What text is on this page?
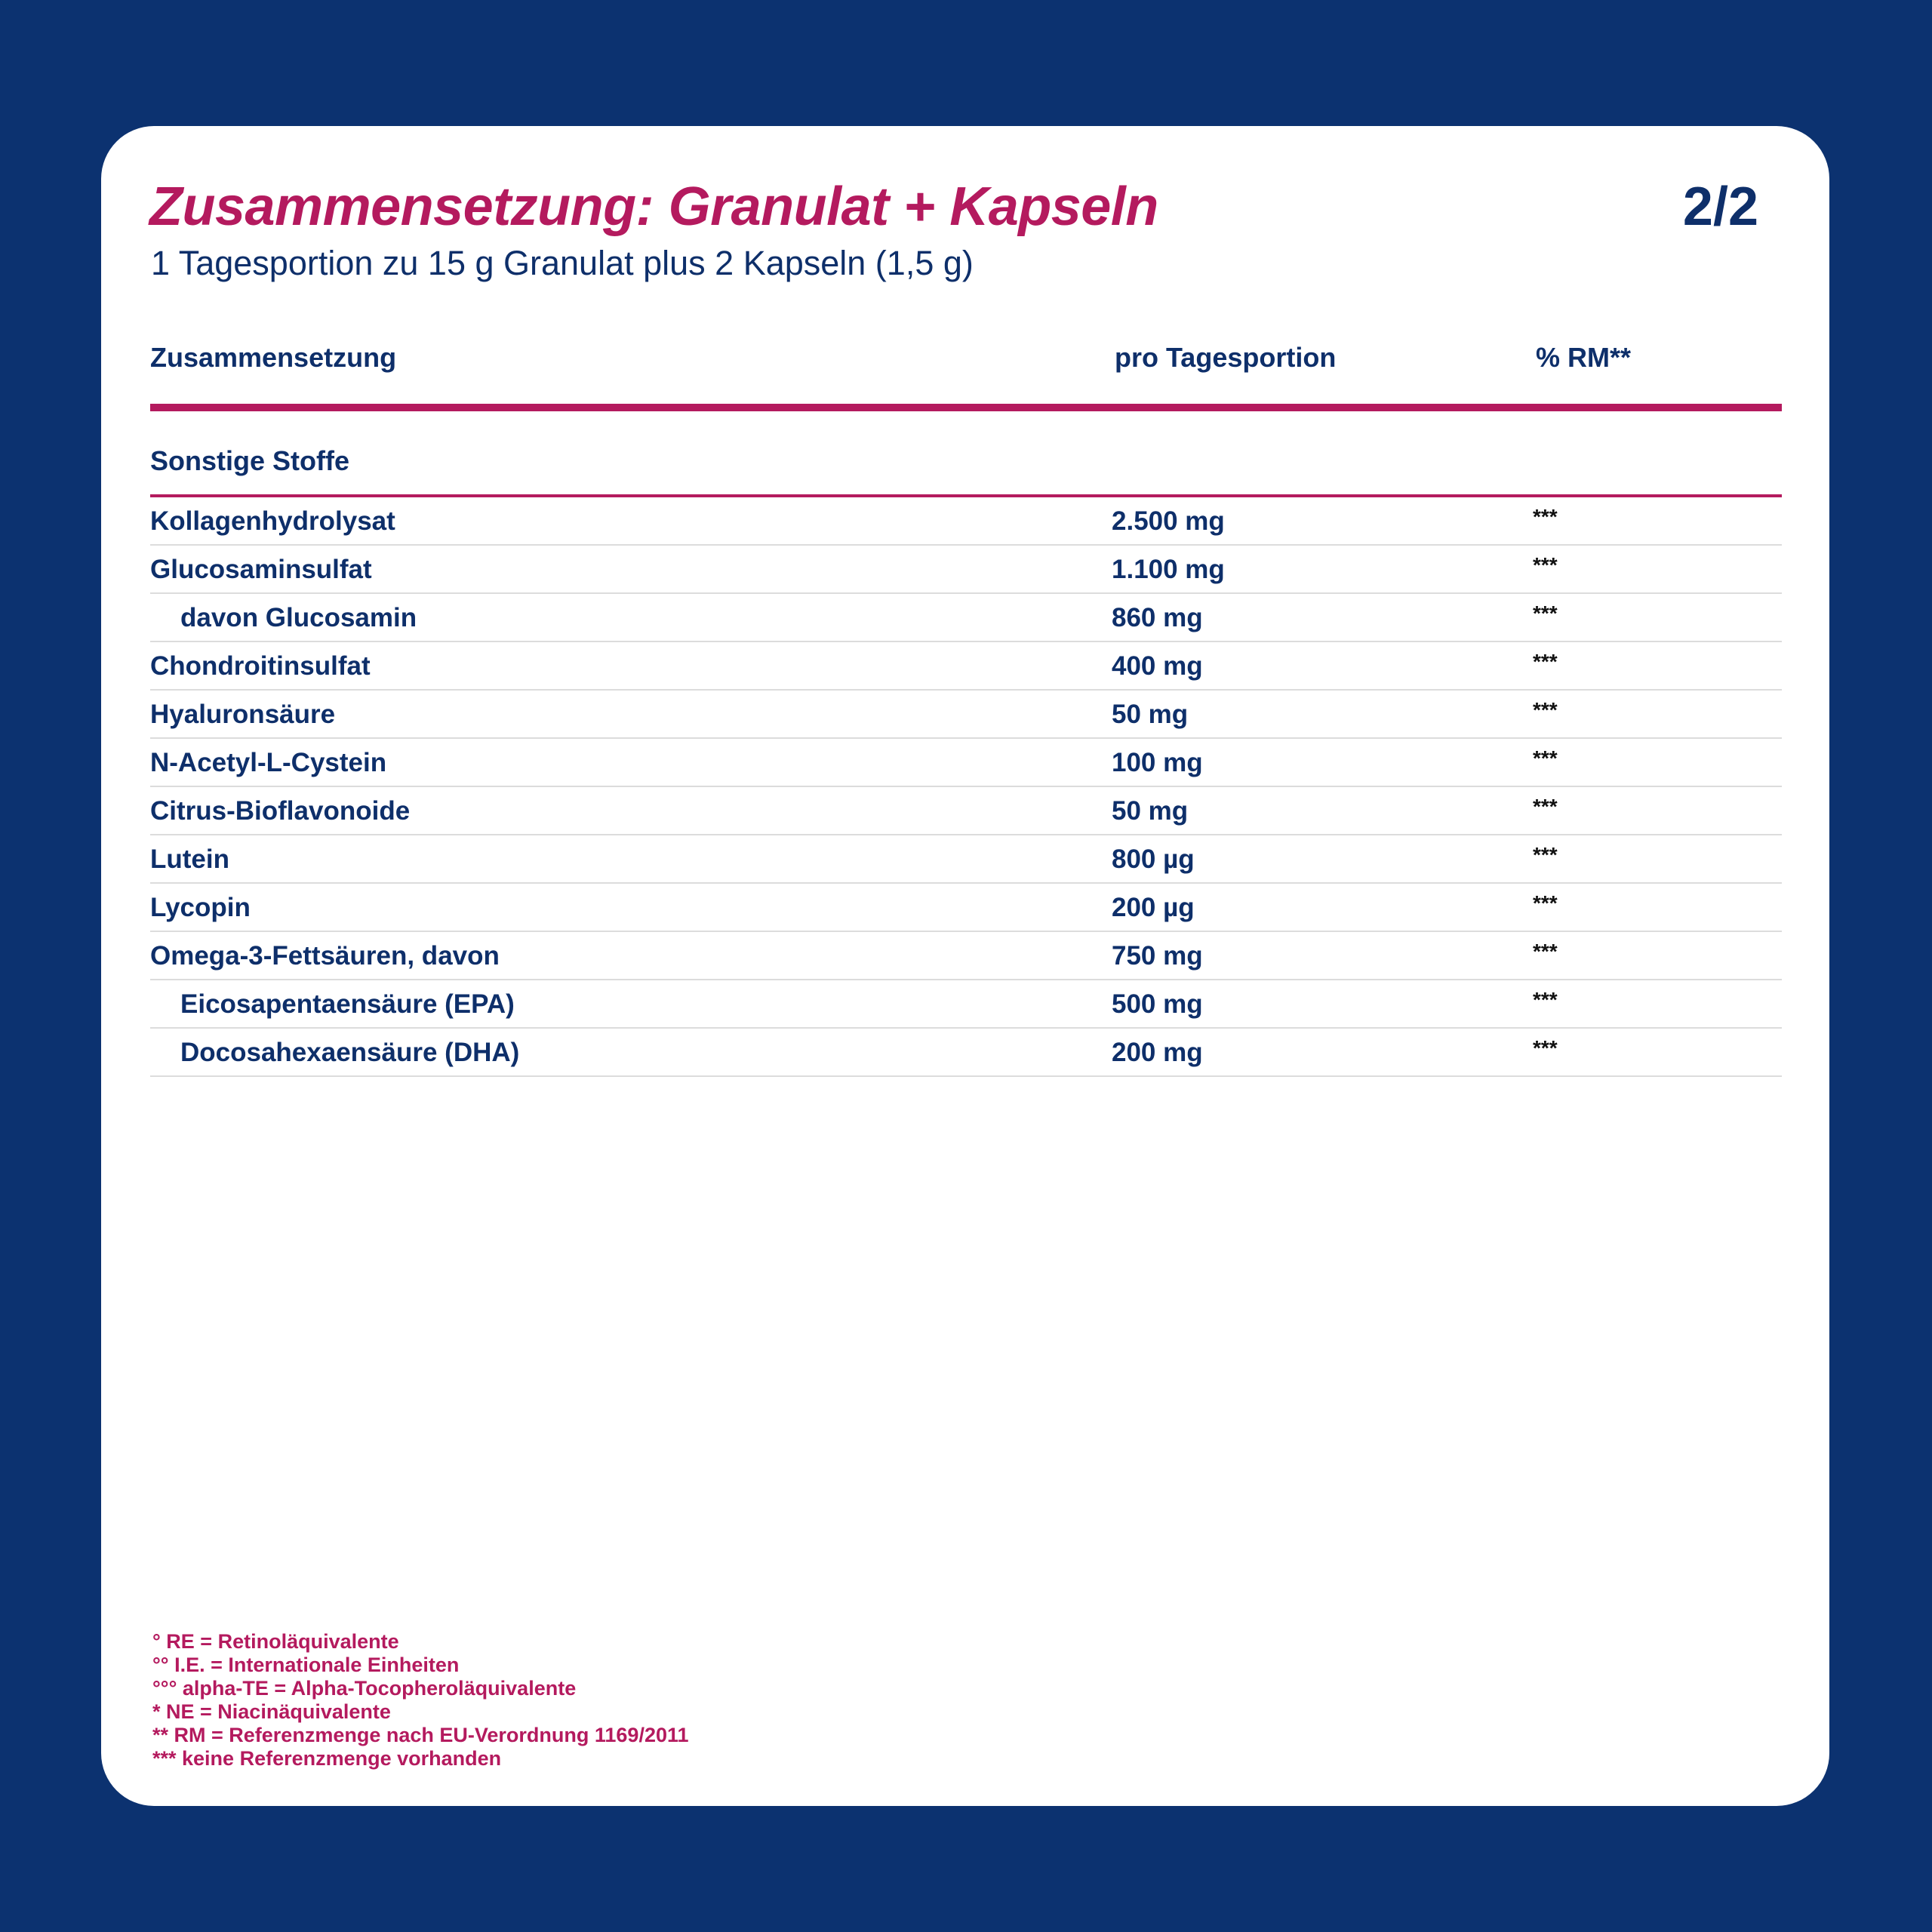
Zusammensetzung: Granulat + Kapseln	2/2
1 Tagesportion zu 15 g Granulat plus 2 Kapseln (1,5 g)
Zusammensetzung	pro Tagesportion	% RM**
Sonstige Stoffe
Kollagenhydrolysat	2.500 mg	***
Glucosaminsulfat	1.100 mg	***
davon Glucosamin	860 mg	***
Chondroitinsulfat	400 mg	***
Hyaluronsäure	50 mg	***
N-Acetyl-L-Cystein	100 mg	***
Citrus-Bioflavonoide	50 mg	***
Lutein	800 µg	***
Lycopin	200 µg	***
Omega-3-Fettsäuren, davon	750 mg	***
Eicosapentaensäure (EPA)	500 mg	***
Docosahexaensäure (DHA)	200 mg	***
° RE = Retinoläquivalente
°° I.E. = Internationale Einheiten
°°° alpha-TE = Alpha-Tocopheroläquivalente
* NE = Niacinäquivalente
** RM = Referenzmenge nach EU-Verordnung 1169/2011
*** keine Referenzmenge vorhanden
